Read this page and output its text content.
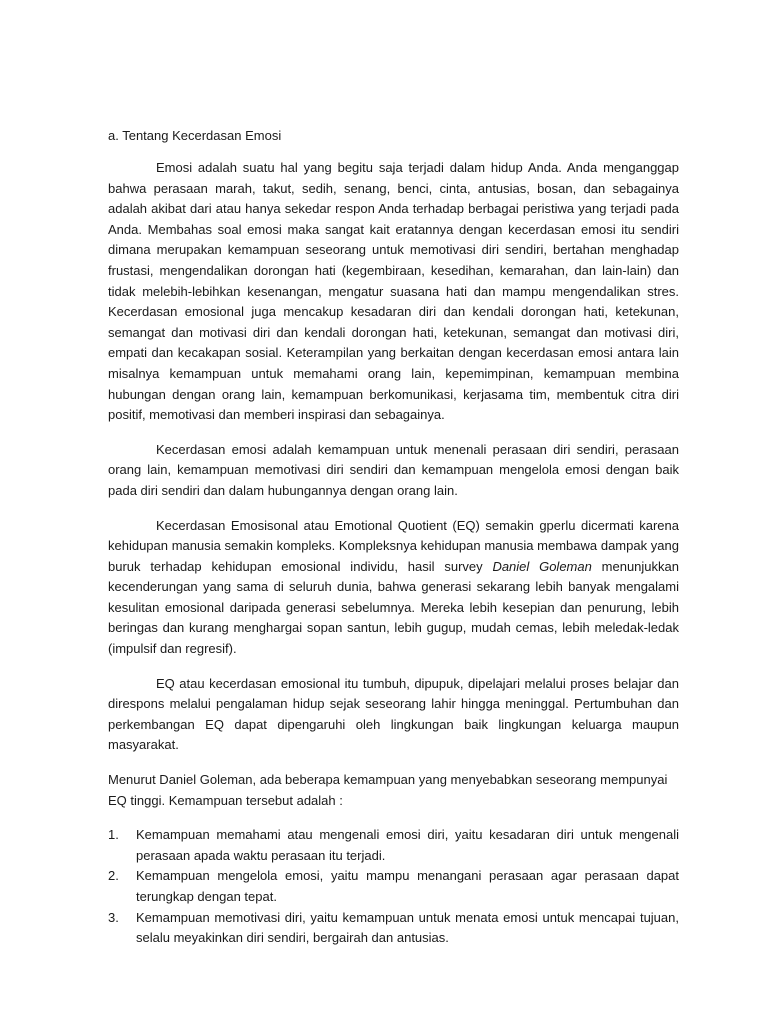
a. Tentang Kecerdasan Emosi

Emosi adalah suatu hal yang begitu saja terjadi dalam hidup Anda. Anda menganggap bahwa perasaan marah, takut, sedih, senang, benci, cinta, antusias, bosan, dan sebagainya adalah akibat dari atau hanya sekedar respon Anda terhadap berbagai peristiwa yang terjadi pada Anda. Membahas soal emosi maka sangat kait eratannya dengan kecerdasan emosi itu sendiri dimana merupakan kemampuan seseorang untuk memotivasi diri sendiri, bertahan menghadap frustasi, mengendalikan dorongan hati (kegembiraan, kesedihan, kemarahan, dan lain-lain) dan tidak melebih-lebihkan kesenangan, mengatur suasana hati dan mampu mengendalikan stres. Kecerdasan emosional juga mencakup kesadaran diri dan kendali dorongan hati, ketekunan, semangat dan motivasi diri dan kendali dorongan hati, ketekunan, semangat dan motivasi diri, empati dan kecakapan sosial. Keterampilan yang berkaitan dengan kecerdasan emosi antara lain misalnya kemampuan untuk memahami orang lain, kepemimpinan, kemampuan membina hubungan dengan orang lain, kemampuan berkomunikasi, kerjasama tim, membentuk citra diri positif, memotivasi dan memberi inspirasi dan sebagainya.

Kecerdasan emosi adalah kemampuan untuk menenali perasaan diri sendiri, perasaan orang lain, kemampuan memotivasi diri sendiri dan kemampuan mengelola emosi dengan baik pada diri sendiri dan dalam hubungannya dengan orang lain.

Kecerdasan Emosisonal atau Emotional Quotient (EQ) semakin gperlu dicermati karena kehidupan manusia semakin kompleks. Kompleksnya kehidupan manusia membawa dampak yang buruk terhadap kehidupan emosional individu, hasil survey Daniel Goleman menunjukkan kecenderungan yang sama di seluruh dunia, bahwa generasi sekarang lebih banyak mengalami kesulitan emosional daripada generasi sebelumnya. Mereka lebih kesepian dan penurung, lebih beringas dan kurang menghargai sopan santun, lebih gugup, mudah cemas, lebih meledak-ledak (impulsif dan regresif).

EQ atau kecerdasan emosional itu tumbuh, dipupuk, dipelajari melalui proses belajar dan direspons melalui pengalaman hidup sejak seseorang lahir hingga meninggal. Pertumbuhan dan perkembangan EQ dapat dipengaruhi oleh lingkungan baik lingkungan keluarga maupun masyarakat.

Menurut Daniel Goleman, ada beberapa kemampuan yang menyebabkan seseorang mempunyai EQ tinggi. Kemampuan tersebut adalah :

1. Kemampuan memahami atau mengenali emosi diri, yaitu kesadaran diri untuk mengenali perasaan apada waktu perasaan itu terjadi.
2. Kemampuan mengelola emosi, yaitu mampu menangani perasaan agar perasaan dapat terungkap dengan tepat.
3. Kemampuan memotivasi diri, yaitu kemampuan untuk menata emosi untuk mencapai tujuan, selalu meyakinkan diri sendiri, bergairah dan antusias.
